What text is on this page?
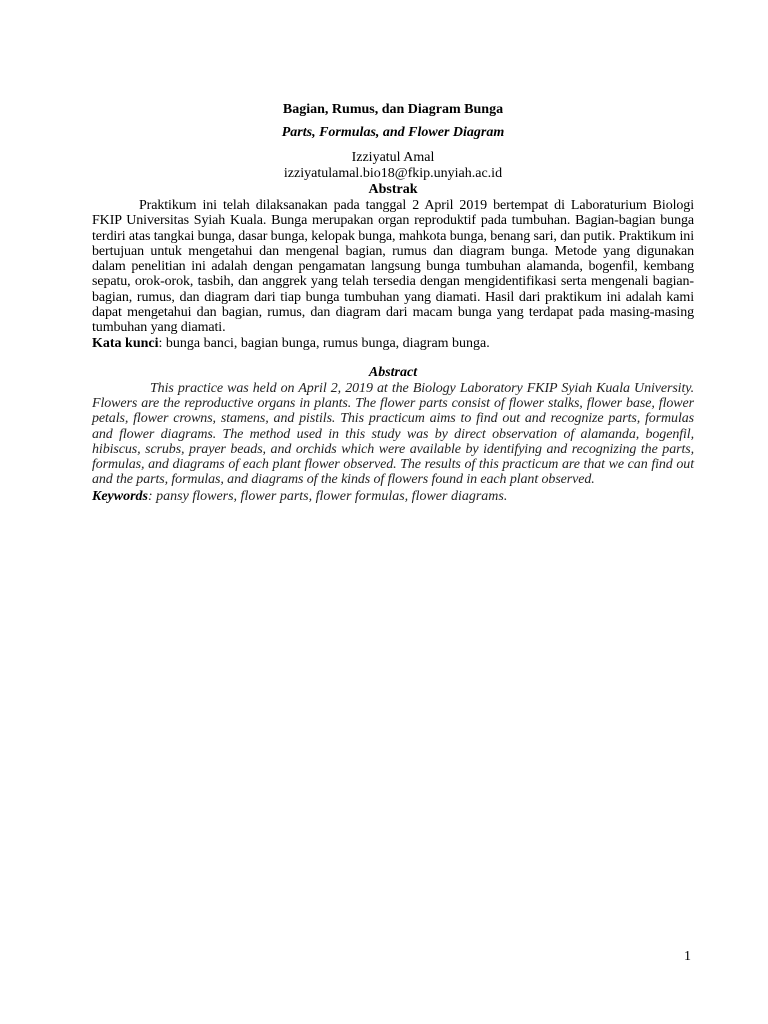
Bagian, Rumus, dan Diagram Bunga

Parts, Formulas, and Flower Diagram

Izziyatul Amal

izziyatulamal.bio18@fkip.unyiah.ac.id

Abstrak

Praktikum ini telah dilaksanakan pada tanggal 2 April 2019 bertempat di Laboraturium Biologi FKIP Universitas Syiah Kuala. Bunga merupakan organ reproduktif pada tumbuhan. Bagian-bagian bunga terdiri atas tangkai bunga, dasar bunga, kelopak bunga, mahkota bunga, benang sari, dan putik. Praktikum ini bertujuan untuk mengetahui dan mengenal bagian, rumus dan diagram bunga. Metode yang digunakan dalam penelitian ini adalah dengan pengamatan langsung bunga tumbuhan alamanda, bogenfil, kembang sepatu, orok-orok, tasbih, dan anggrek yang telah tersedia dengan mengidentifikasi serta mengenali bagian-bagian, rumus, dan diagram dari tiap bunga tumbuhan yang diamati. Hasil dari praktikum ini adalah kami dapat mengetahui dan bagian, rumus, dan diagram dari macam bunga yang terdapat pada masing-masing tumbuhan yang diamati.

Kata kunci: bunga banci, bagian bunga, rumus bunga, diagram bunga.

Abstract

This practice was held on April 2, 2019 at the Biology Laboratory FKIP Syiah Kuala University. Flowers are the reproductive organs in plants. The flower parts consist of flower stalks, flower base, flower petals, flower crowns, stamens, and pistils. This practicum aims to find out and recognize parts, formulas and flower diagrams. The method used in this study was by direct observation of alamanda, bogenfil, hibiscus, scrubs, prayer beads, and orchids which were available by identifying and recognizing the parts, formulas, and diagrams of each plant flower observed. The results of this practicum are that we can find out and the parts, formulas, and diagrams of the kinds of flowers found in each plant observed.

Keywords: pansy flowers, flower parts, flower formulas, flower diagrams.

1
